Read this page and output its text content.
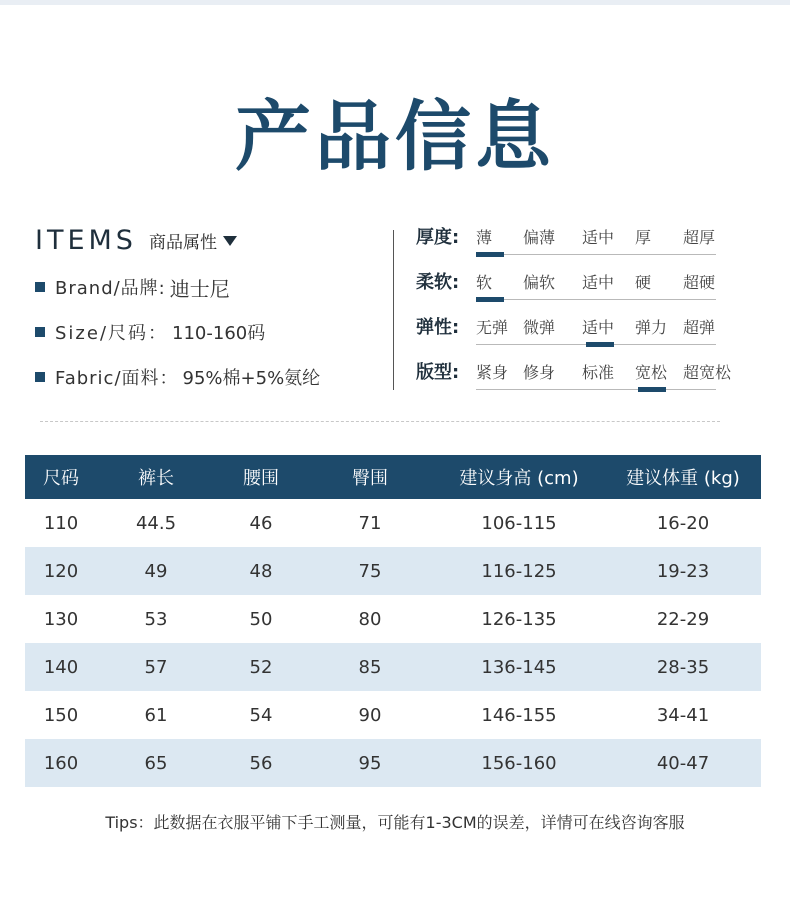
产品信息
ITEMS 商品属性
Brand/品牌: 迪士尼
Size/尺码： 110-160码
Fabric/面料： 95%棉+5%氨纶
厚度: 薄 偏薄 适中 厚 超厚
柔软: 软 偏软 适中 硬 超硬
弹性: 无弹 微弹 适中 弹力 超弹
版型: 紧身 修身 标准 宽松 超宽松
尺码	裤长	腰围	臀围	建议身高 (cm)	建议体重 (kg)
110	44.5	46	71	106-115	16-20
120	49	48	75	116-125	19-23
130	53	50	80	126-135	22-29
140	57	52	85	136-145	28-35
150	61	54	90	146-155	34-41
160	65	56	95	156-160	40-47
Tips：此数据在衣服平铺下手工测量，可能有1-3CM的误差，详情可在线咨询客服
